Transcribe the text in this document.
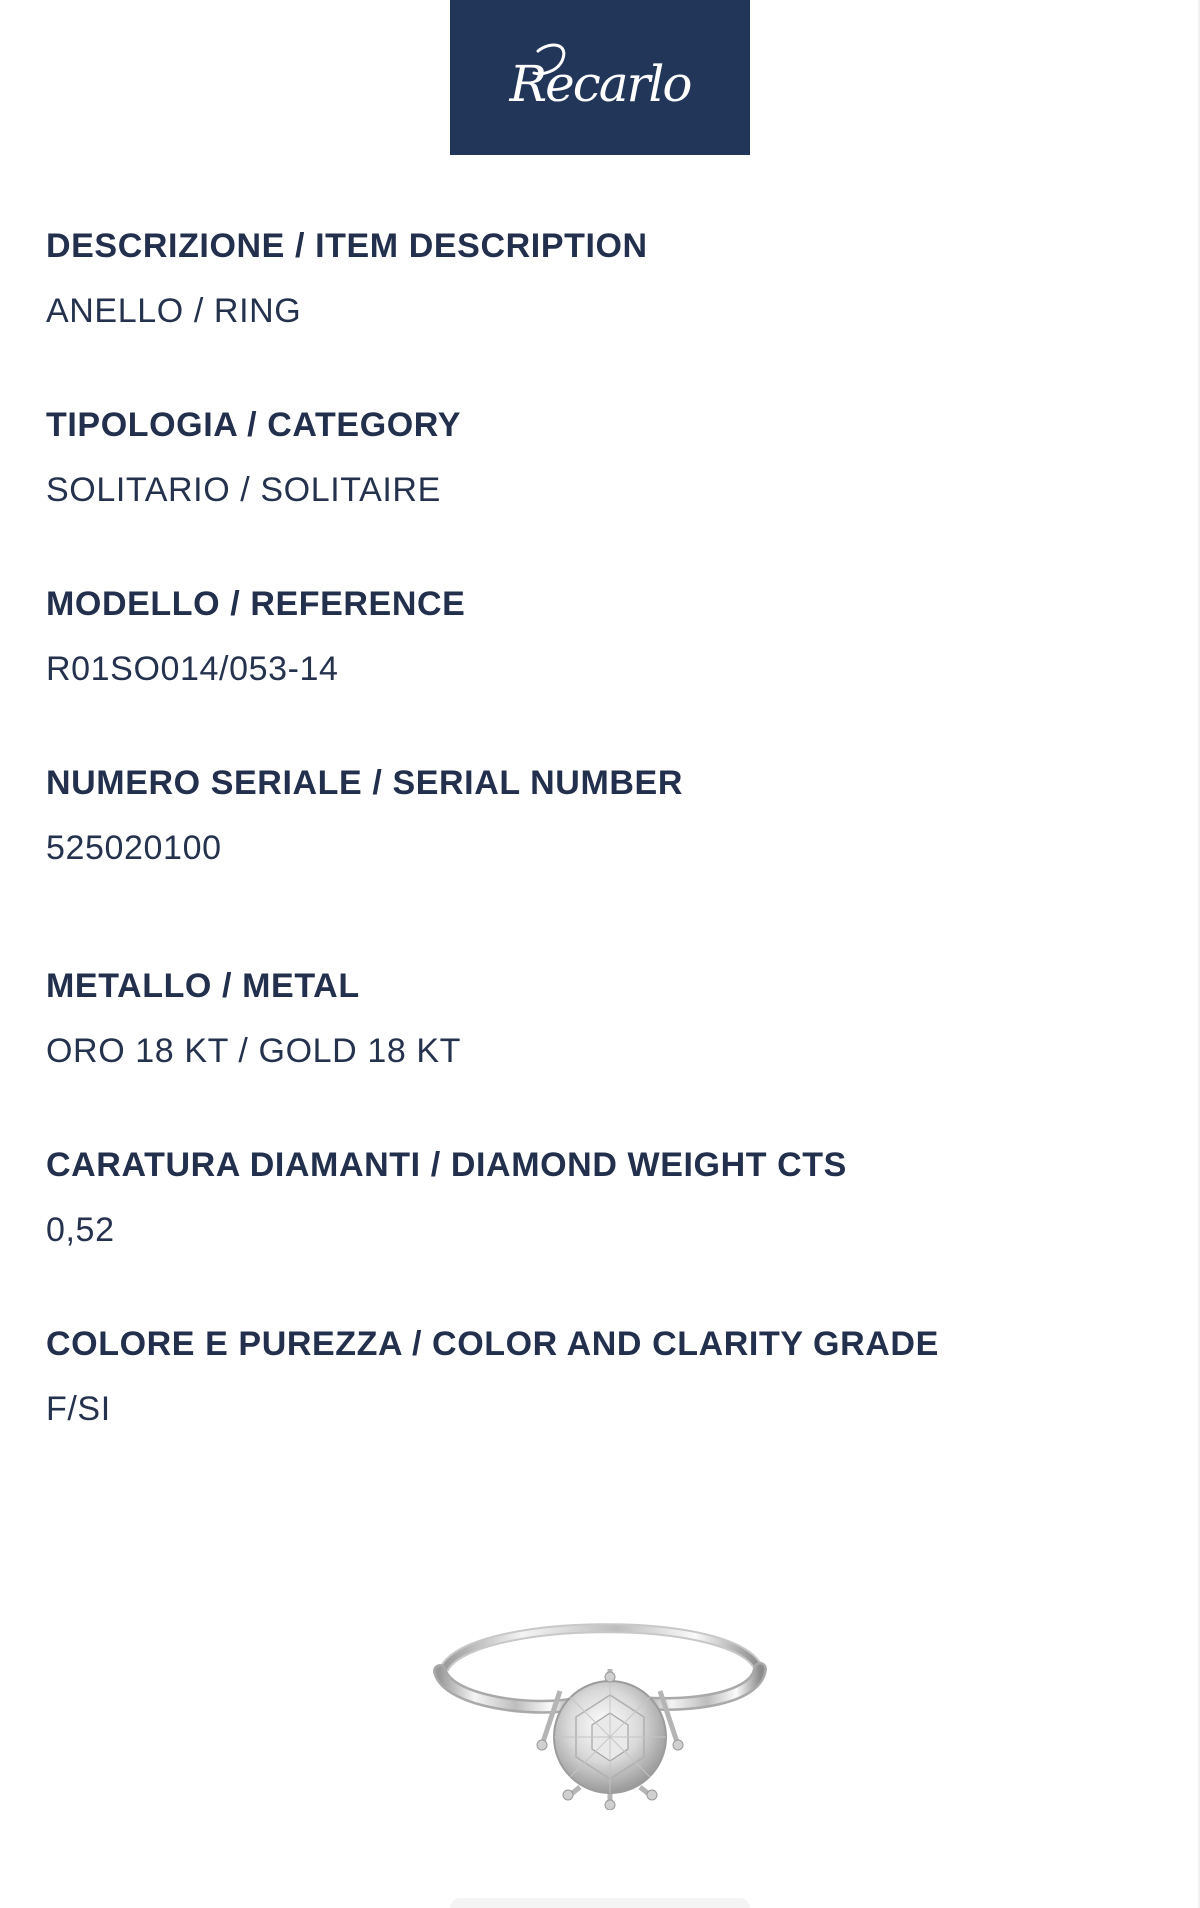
Recarlo
DESCRIZIONE / ITEM DESCRIPTION
ANELLO / RING
TIPOLOGIA / CATEGORY
SOLITARIO / SOLITAIRE
MODELLO / REFERENCE
R01SO014/053-14
NUMERO SERIALE / SERIAL NUMBER
525020100
METALLO / METAL
ORO 18 KT / GOLD 18 KT
CARATURA DIAMANTI / DIAMOND WEIGHT CTS
0,52
COLORE E PUREZZA / COLOR AND CLARITY GRADE
F/SI
